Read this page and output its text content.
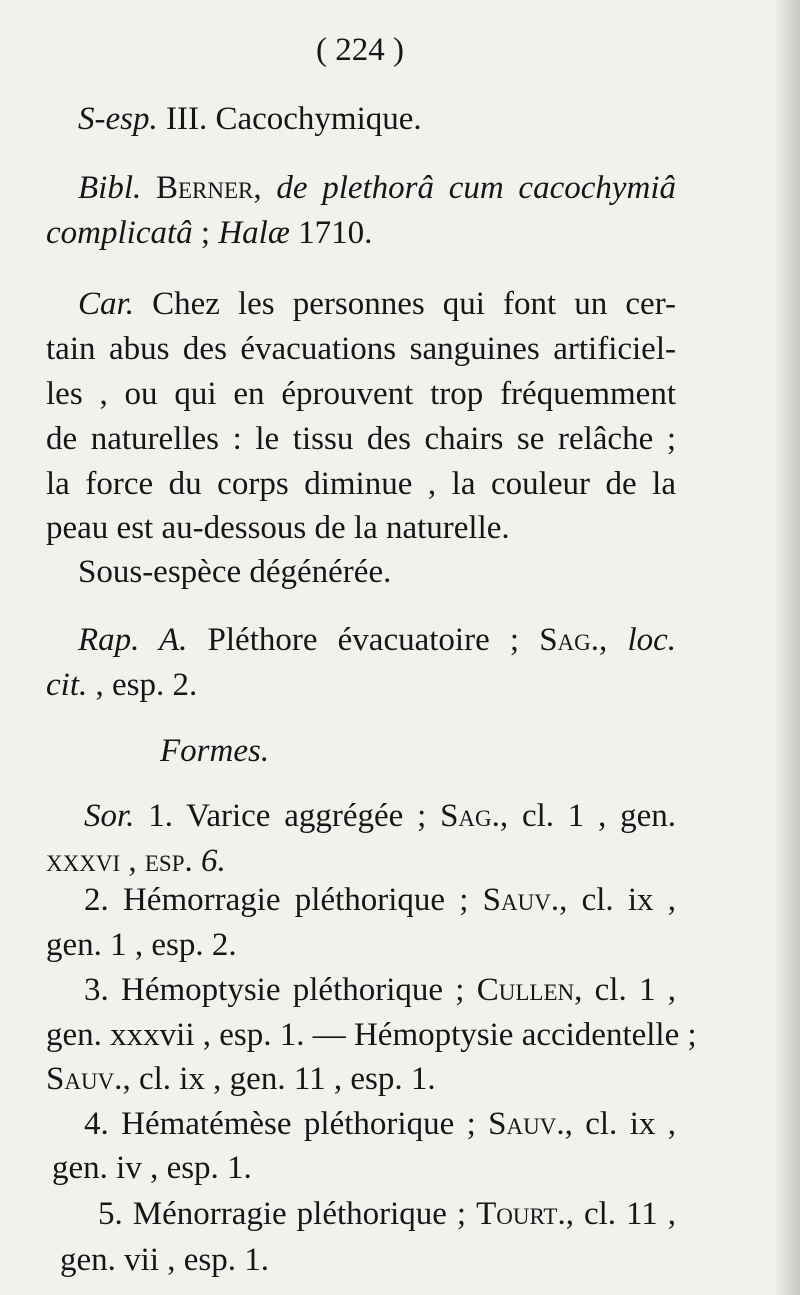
( 224 )
S-esp. III. Cacochymique.
Bibl. Berner, de plethorâ cum cacochymiâ
complicatâ ; Halæ 1710.
Car. Chez les personnes qui font un cer-
tain abus des évacuations sanguines artificiel-
les , ou qui en éprouvent trop fréquemment
de naturelles : le tissu des chairs se relâche ;
la force du corps diminue , la couleur de la
peau est au-dessous de la naturelle.
Sous-espèce dégénérée.
Rap. A. Pléthore évacuatoire ; Sag., loc.
cit. , esp. 2.
Formes.
Sor. 1. Varice aggrégée ; Sag., cl. 1 , gen.
xxxvi , esp. 6.
2. Hémorragie pléthorique ; Sauv., cl. ix ,
gen. 1 , esp. 2.
3. Hémoptysie pléthorique ; Cullen, cl. 1 ,
gen. xxxvii , esp. 1. — Hémoptysie accidentelle ;
Sauv., cl. ix , gen. 11 , esp. 1.
4. Hématémèse pléthorique ; Sauv., cl. ix ,
gen. iv , esp. 1.
5. Ménorragie pléthorique ; Tourt., cl. 11 ,
gen. vii , esp. 1.
